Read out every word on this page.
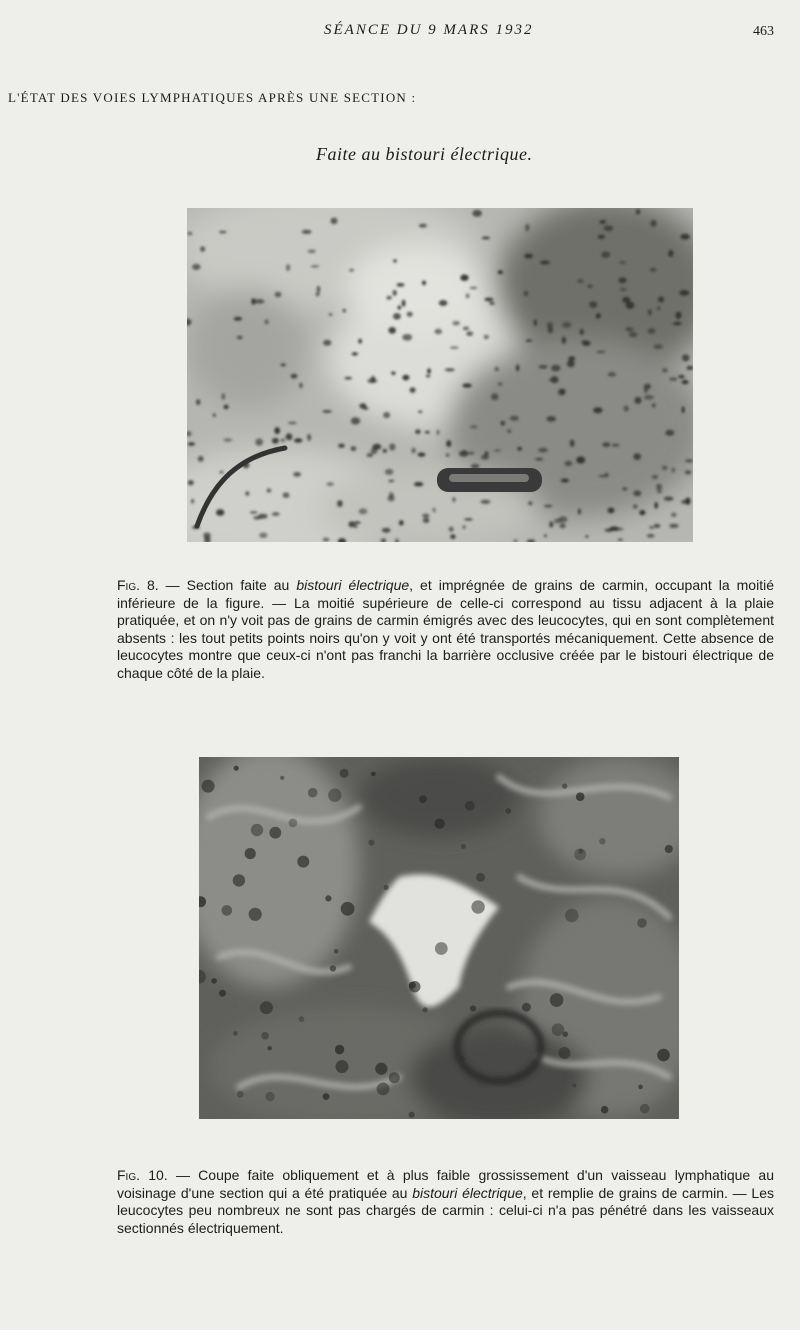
SÉANCE DU 9 MARS 1932	463
L'ÉTAT DES VOIES LYMPHATIQUES APRÈS UNE SECTION :
Faite au bistouri électrique.

Fig. 8. — Section faite au bistouri électrique, et imprégnée de grains de carmin, occupant la moitié inférieure de la figure. — La moitié supérieure de celle-ci correspond au tissu adjacent à la plaie pratiquée, et on n'y voit pas de grains de carmin émigrés avec des leucocytes, qui en sont complètement absents : les tout petits points noirs qu'on y voit y ont été transportés mécaniquement. Cette absence de leucocytes montre que ceux-ci n'ont pas franchi la barrière occlusive créée par le bistouri électrique de chaque côté de la plaie.

Fig. 10. — Coupe faite obliquement et à plus faible grossissement d'un vaisseau lymphatique au voisinage d'une section qui a été pratiquée au bistouri électrique, et remplie de grains de carmin. — Les leucocytes peu nombreux ne sont pas chargés de carmin : celui-ci n'a pas pénétré dans les vaisseaux sectionnés électriquement.
